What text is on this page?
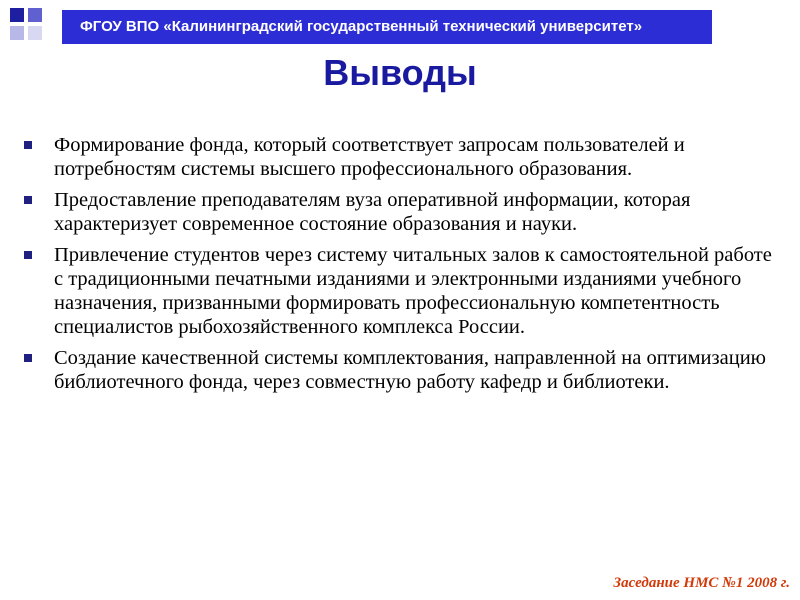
ФГОУ ВПО «Калининградский государственный технический университет»
Выводы
Формирование фонда, который соответствует запросам пользователей и потребностям системы высшего профессионального образования.
Предоставление преподавателям вуза оперативной информации, которая характеризует современное состояние образования и науки.
Привлечение студентов через систему читальных залов к самостоятельной работе с традиционными печатными изданиями и электронными изданиями учебного назначения, призванными формировать профессиональную компетентность специалистов рыбохозяйственного комплекса России.
Создание качественной системы комплектования, направленной на оптимизацию библиотечного фонда, через совместную работу кафедр и библиотеки.
Заседание НМС №1 2008 г.
